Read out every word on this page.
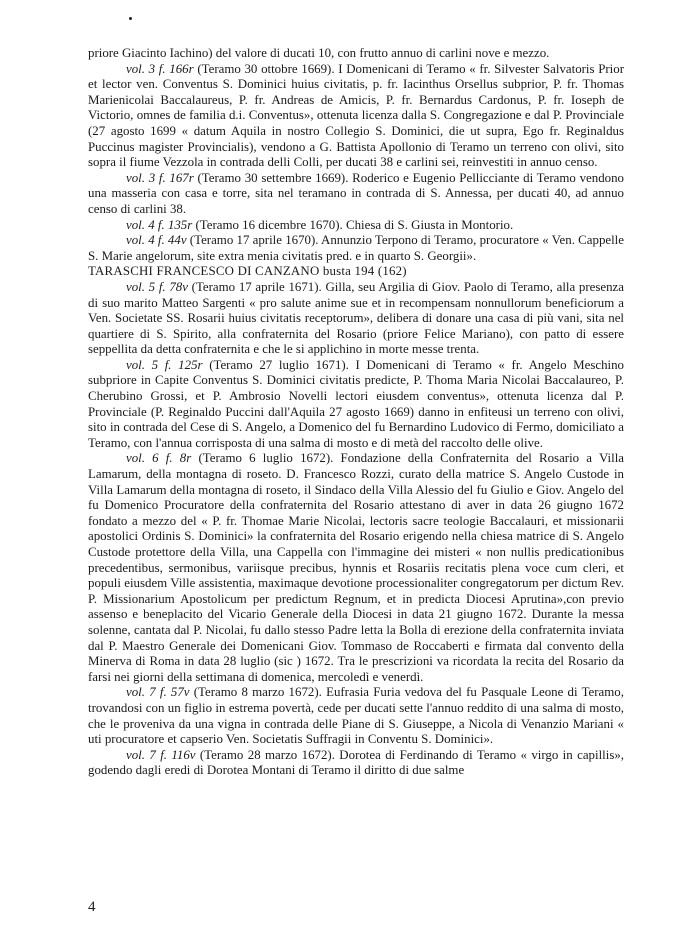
priore Giacinto Iachino) del valore di ducati 10, con frutto annuo di carlini nove e mezzo.

vol. 3 f. 166r (Teramo 30 ottobre 1669). I Domenicani di Teramo « fr. Silvester Salvatoris Prior et lector ven. Conventus S. Dominici huius civitatis, p. fr. Iacinthus Orsellus subprior, P. fr. Thomas Marienicolai Baccalaureus, P. fr. Andreas de Amicis, P. fr. Bernardus Cardonus, P. fr. Ioseph de Victorio, omnes de familia d.i. Conventus», ottenuta licenza dalla S. Congregazione e dal P. Provinciale (27 agosto 1699 « datum Aquila in nostro Collegio S. Dominici, die ut supra, Ego fr. Reginaldus Puccinus magister Provincialis), vendono a G. Battista Apollonio di Teramo un terreno con olivi, sito sopra il fiume Vezzola in contrada delli Colli, per ducati 38 e carlini sei, reinvestiti in annuo censo.

vol. 3 f. 167r (Teramo 30 settembre 1669). Roderico e Eugenio Pellicciante di Teramo vendono una masseria con casa e torre, sita nel teramano in contrada di S. Annessa, per ducati 40, ad annuo censo di carlini 38.

vol. 4 f. 135r (Teramo 16 dicembre 1670). Chiesa di S. Giusta in Montorio.

vol. 4 f. 44v (Teramo 17 aprile 1670). Annunzio Terpono di Teramo, procuratore « Ven. Cappelle S. Marie angelorum, site extra menia civitatis pred. e in quarto S. Georgii».

TARASCHI FRANCESCO DI CANZANO busta 194 (162)

vol. 5 f. 78v (Teramo 17 aprile 1671). Gilla, seu Argilia di Giov. Paolo di Teramo, alla presenza di suo marito Matteo Sargenti « pro salute anime sue et in recompensam nonnullorum beneficiorum a Ven. Societate SS. Rosarii huius civitatis receptorum», delibera di donare una casa di più vani, sita nel quartiere di S. Spirito, alla confraternita del Rosario (priore Felice Mariano), con patto di essere seppellita da detta confraternita e che le si applichino in morte messe trenta.

vol. 5 f. 125r (Teramo 27 luglio 1671). I Domenicani di Teramo « fr. Angelo Meschino subpriore in Capite Conventus S. Dominici civitatis predicte, P. Thoma Maria Nicolai Baccalaureo, P. Cherubino Grossi, et P. Ambrosio Novelli lectori eiusdem conventus», ottenuta licenza dal P. Provinciale (P. Reginaldo Puccini dall'Aquila 27 agosto 1669) danno in enfiteusi un terreno con olivi, sito in contrada del Cese di S. Angelo, a Domenico del fu Bernardino Ludovico di Fermo, domiciliato a Teramo, con l'annua corrisposta di una salma di mosto e di metà del raccolto delle olive.

vol. 6 f. 8r (Teramo 6 luglio 1672). Fondazione della Confraternita del Rosario a Villa Lamarum, della montagna di roseto. D. Francesco Rozzi, curato della matrice S. Angelo Custode in Villa Lamarum della montagna di roseto, il Sindaco della Villa Alessio del fu Giulio e Giov. Angelo del fu Domenico Procuratore della confraternita del Rosario attestano di aver in data 26 giugno 1672 fondato a mezzo del « P. fr. Thomae Marie Nicolai, lectoris sacre teologie Baccalauri, et missionarii apostolici Ordinis S. Dominici» la confraternita del Rosario erigendo nella chiesa matrice di S. Angelo Custode protettore della Villa, una Cappella con l'immagine dei misteri « non nullis predicationibus precedentibus, sermonibus, variisque precibus, hynnis et Rosariis recitatis plena voce cum cleri, et populi eiusdem Ville assistentia, maximaque devotione processionaliter congregatorum per dictum Rev. P. Missionarium Apostolicum per predictum Regnum, et in predicta Diocesi Aprutina»,con previo assenso e beneplacito del Vicario Generale della Diocesi in data 21 giugno 1672. Durante la messa solenne, cantata dal P. Nicolai, fu dallo stesso Padre letta la Bolla di erezione della confraternita inviata dal P. Maestro Generale dei Domenicani Giov. Tommaso de Roccaberti e firmata dal convento della Minerva di Roma in data 28 luglio (sic ) 1672. Tra le prescrizioni va ricordata la recita del Rosario da farsi nei giorni della settimana di domenica, mercoledì e venerdì.

vol. 7 f. 57v (Teramo 8 marzo 1672). Eufrasia Furia vedova del fu Pasquale Leone di Teramo, trovandosi con un figlio in estrema povertà, cede per ducati sette l'annuo reddito di una salma di mosto, che le proveniva da una vigna in contrada delle Piane di S. Giuseppe, a Nicola di Venanzio Mariani « uti procuratore et capserio Ven. Societatis Suffragii in Conventu S. Dominici».

vol. 7 f. 116v (Teramo 28 marzo 1672). Dorotea di Ferdinando di Teramo « virgo in capillis», godendo dagli eredi di Dorotea Montani di Teramo il diritto di due salme

4
